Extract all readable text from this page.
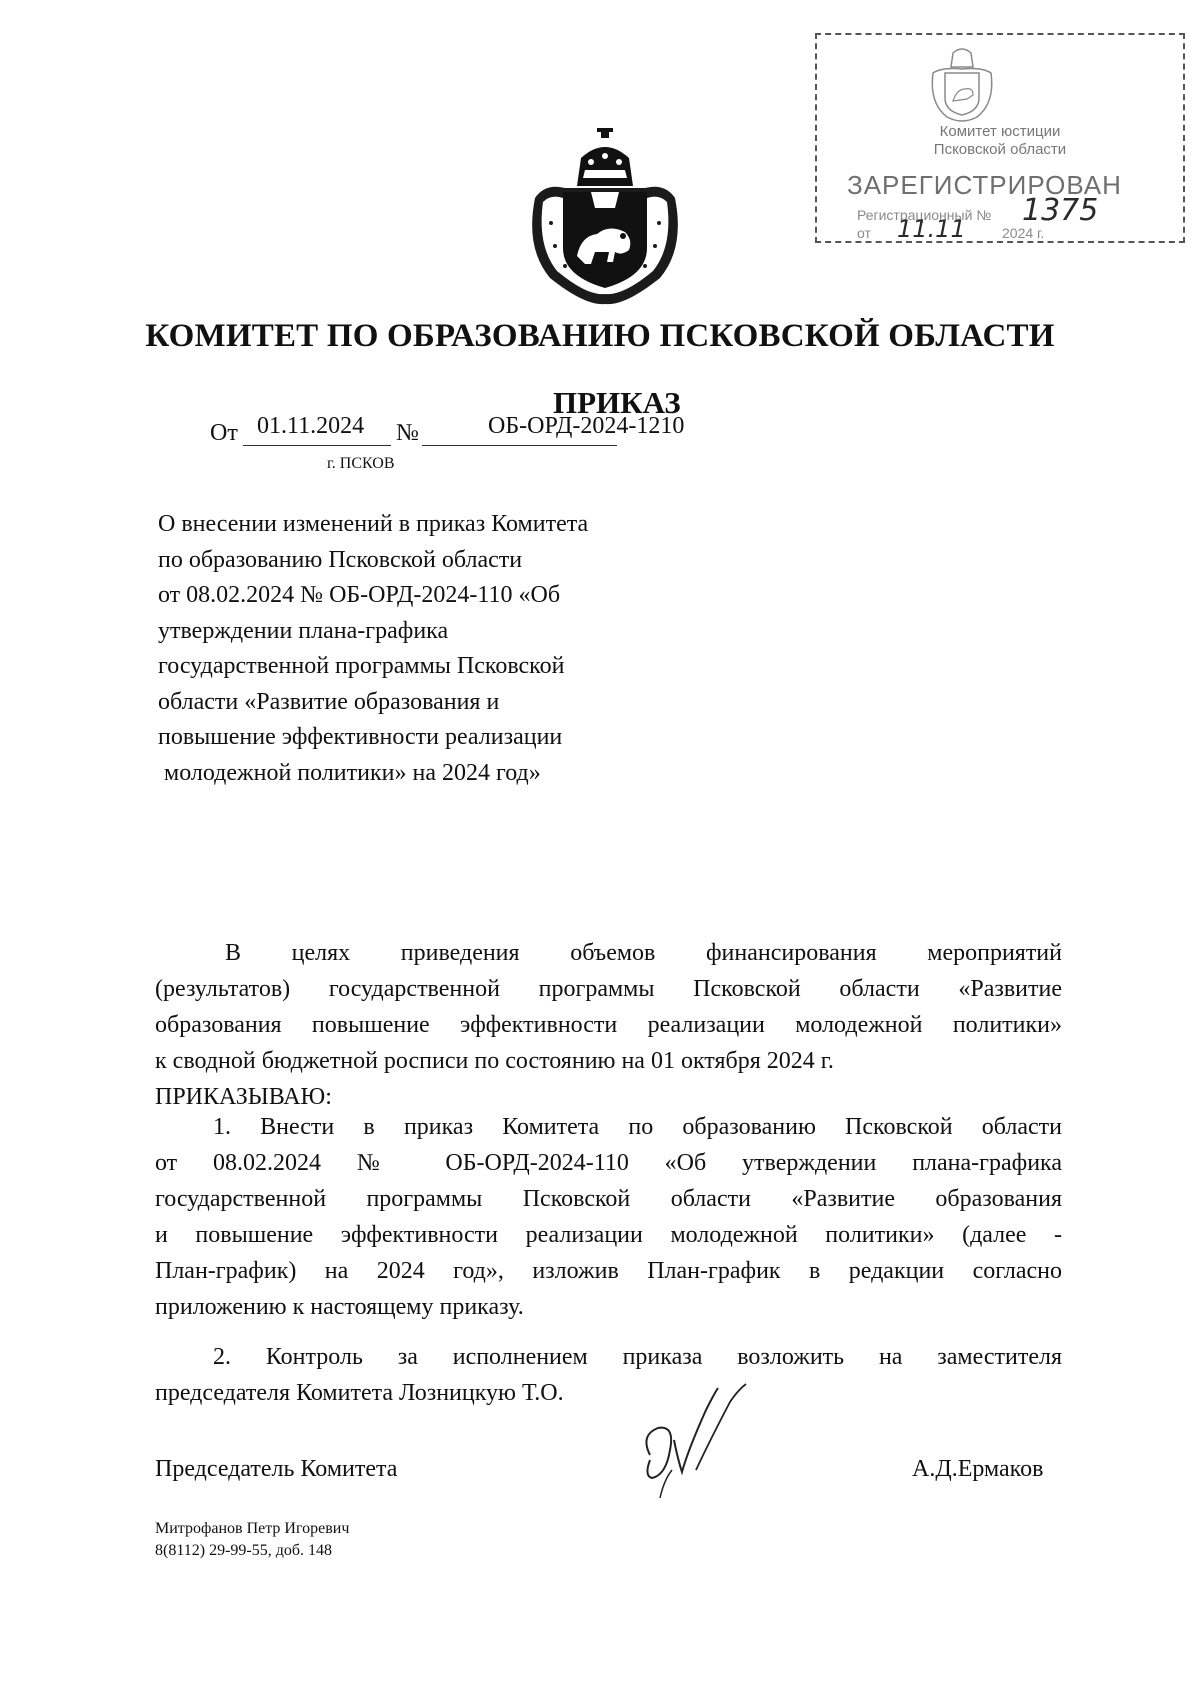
Комитет юстиции
Псковской области
ЗАРЕГИСТРИРОВАН
Регистрационный № 1375
от 11.11	2024 г.
КОМИТЕТ ПО ОБРАЗОВАНИЮ ПСКОВСКОЙ ОБЛАСТИ
ПРИКАЗ
От 01.11.2024 №	ОБ-ОРД-2024-1210
г. ПСКОВ
О внесении изменений в приказ Комитета
по образованию Псковской области
от 08.02.2024 № ОБ-ОРД-2024-110 «Об
утверждении плана-графика
государственной программы Псковской
области «Развитие образования и
повышение эффективности реализации
молодежной политики» на 2024 год»
В целях приведения объемов финансирования мероприятий
(результатов) государственной программы Псковской области «Развитие
образования повышение эффективности реализации молодежной политики»
к сводной бюджетной росписи по состоянию на 01 октября 2024 г.
ПРИКАЗЫВАЮ:
1. Внести в приказ Комитета по образованию Псковской области
от 08.02.2024 № ОБ-ОРД-2024-110 «Об утверждении плана-графика
государственной программы Псковской области «Развитие образования
и повышение эффективности реализации молодежной политики» (далее -
План-график) на 2024 год», изложив План-график в редакции согласно
приложению к настоящему приказу.
2. Контроль за исполнением приказа возложить на заместителя
председателя Комитета Лозницкую Т.О.
Председатель Комитета	А.Д.Ермаков
Митрофанов Петр Игоревич
8(8112) 29-99-55, доб. 148
